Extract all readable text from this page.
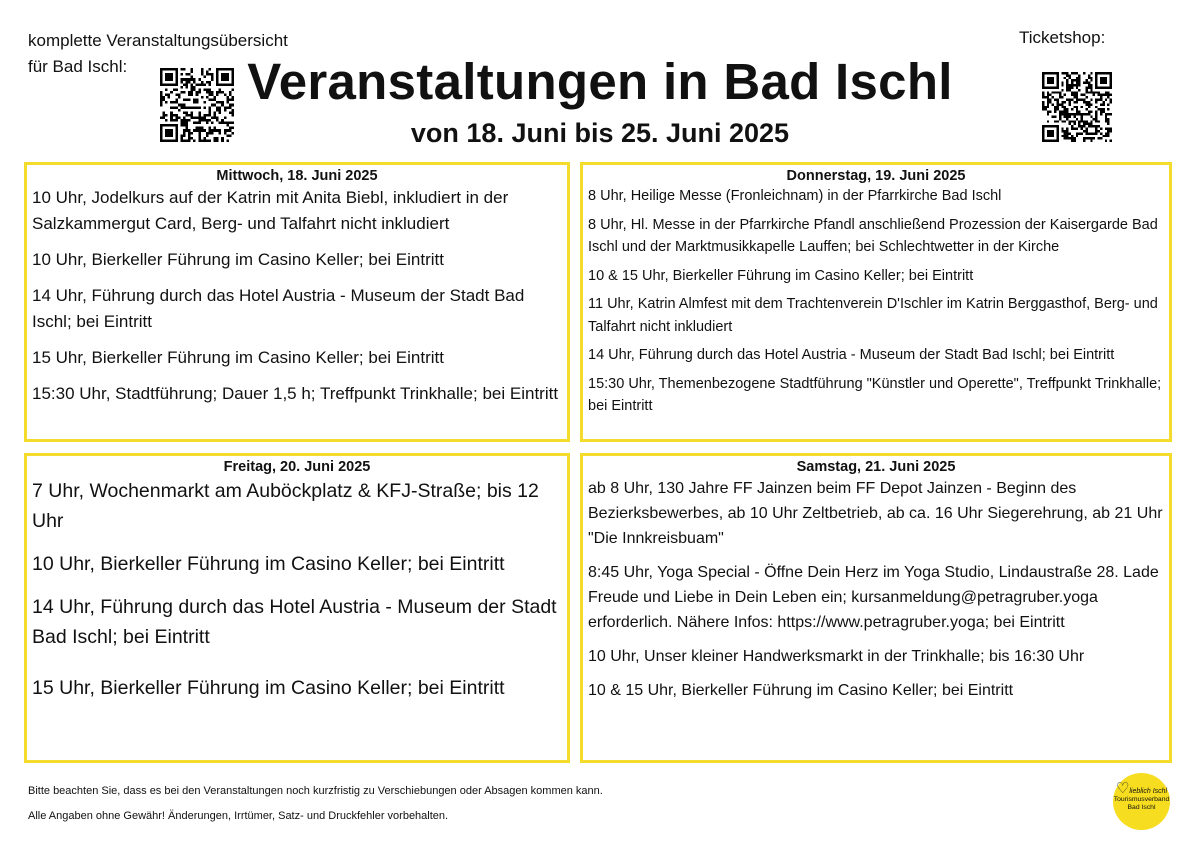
komplette Veranstaltungsübersicht
für Bad Ischl:
Ticketshop:
Veranstaltungen in Bad Ischl
von 18. Juni bis 25. Juni 2025
Mittwoch, 18. Juni 2025

10 Uhr, Jodelkurs auf der Katrin mit Anita Biebl, inkludiert in der Salzkammergut Card, Berg- und Talfahrt nicht inkludiert

10 Uhr, Bierkeller Führung im Casino Keller; bei Eintritt

14 Uhr, Führung durch das Hotel Austria - Museum der Stadt Bad Ischl; bei Eintritt

15 Uhr, Bierkeller Führung im Casino Keller; bei Eintritt

15:30 Uhr, Stadtführung; Dauer 1,5 h; Treffpunkt Trinkhalle; bei Eintritt

Donnerstag, 19. Juni 2025

8 Uhr, Heilige Messe (Fronleichnam) in der Pfarrkirche Bad Ischl

8 Uhr, Hl. Messe in der Pfarrkirche Pfandl anschließend Prozession der Kaisergarde Bad Ischl und der Marktmusikkapelle Lauffen; bei Schlechtwetter in der Kirche

10 & 15 Uhr, Bierkeller Führung im Casino Keller; bei Eintritt

11 Uhr, Katrin Almfest mit dem Trachtenverein D'Ischler im Katrin Berggasthof, Berg- und Talfahrt nicht inkludiert

14 Uhr, Führung durch das Hotel Austria - Museum der Stadt Bad Ischl; bei Eintritt

15:30 Uhr, Themenbezogene Stadtführung "Künstler und Operette", Treffpunkt Trinkhalle; bei Eintritt

Freitag, 20. Juni 2025

7 Uhr, Wochenmarkt am Auböckplatz & KFJ-Straße; bis 12 Uhr

10 Uhr, Bierkeller Führung im Casino Keller; bei Eintritt

14 Uhr, Führung durch das Hotel Austria - Museum der Stadt Bad Ischl; bei Eintritt

15 Uhr, Bierkeller Führung im Casino Keller; bei Eintritt

Samstag, 21. Juni 2025

ab 8 Uhr, 130 Jahre FF Jainzen beim FF Depot Jainzen - Beginn des Bezierksbewerbes, ab 10 Uhr Zeltbetrieb, ab ca. 16 Uhr Siegerehrung, ab 21 Uhr "Die Innkreisbuam"

8:45 Uhr, Yoga Special - Öffne Dein Herz im Yoga Studio, Lindaustraße 28. Lade Freude und Liebe in Dein Leben ein; kursanmeldung@petragruber.yoga erforderlich. Nähere Infos: https://www.petragruber.yoga; bei Eintritt

10 Uhr, Unser kleiner Handwerksmarkt in der Trinkhalle; bis 16:30 Uhr

10 & 15 Uhr, Bierkeller Führung im Casino Keller; bei Eintritt

Bitte beachten Sie, dass es bei den Veranstaltungen noch kurzfristig zu Verschiebungen oder Absagen kommen kann.
Alle Angaben ohne Gewähr! Änderungen, Irrtümer, Satz- und Druckfehler vorbehalten.
♡lieblich Ischl
Tourismusverband
Bad Ischl
